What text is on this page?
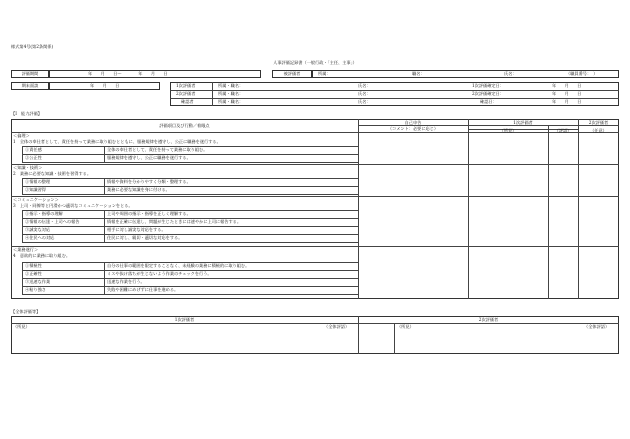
様式第4号(第2条関係)
人事評価記録書（一般行政・「主任、主事」）
評価期間	年　　月　　日～　　　　年　　月　　日	被評価者	所属：	職名：	氏名：	（職員番号：　）
期末面談	年　　月　　日	1次評価者	所属・職名：	氏名：	1次評価確定日：	年　　月　　日
2次評価者	所属・職名：	氏名：	2次評価確定日：	年　　月　　日
確認者	所属・職名：	氏名：	確認日：	年　　月　　日
【Ⅰ　能力評価】
評価項目及び行動／着眼点
自己申告
（コメント：必要に応じ）
1次評価者
（所見）	（評語）
2次評価者
（任意）
＜倫理＞
1　全体の奉仕者として、責任を持って業務に取り組むとともに、服務規律を遵守し、公正に職務を遂行する。
①責任感	全体の奉仕者として、責任を持って業務に取り組む。
②公正性	服務規律を遵守し、公正に職務を遂行する。
＜知識・技術＞
2　業務に必要な知識・技術を習得する。
①情報の整理	情報や資料を分かりやすく分類・整理する。
②知識習得	業務に必要な知識を身に付ける。
＜コミュニケーション＞
3　上司・同僚等と円滑かつ適切なコミュニケーションをとる。
①指示・指導の理解	上司や周囲の指示・指導を正しく理解する。
②情報の伝達・上司への報告	情報を正確に伝達し、問題が生じたときには速やかに上司に報告する。
③誠実な対応	相手に対し誠実な対応をする。
④住民への対応	住民に対し、親切・適切な対応をする。
＜業務遂行＞
4　意欲的に業務に取り組む。
①積極性	自分の仕事の範囲を限定することなく、未経験の業務に積極的に取り組む。
②正確性	ミスや抜け落ちが生じないよう作業のチェックを行う。
③迅速な作業	迅速な作業を行う。
④粘り強さ	失敗や困難にめげずに仕事を進める。
【全体評価等】
1次評価者	2次評価者
（所見）	（全体評語）	（所見）	（全体評語）
